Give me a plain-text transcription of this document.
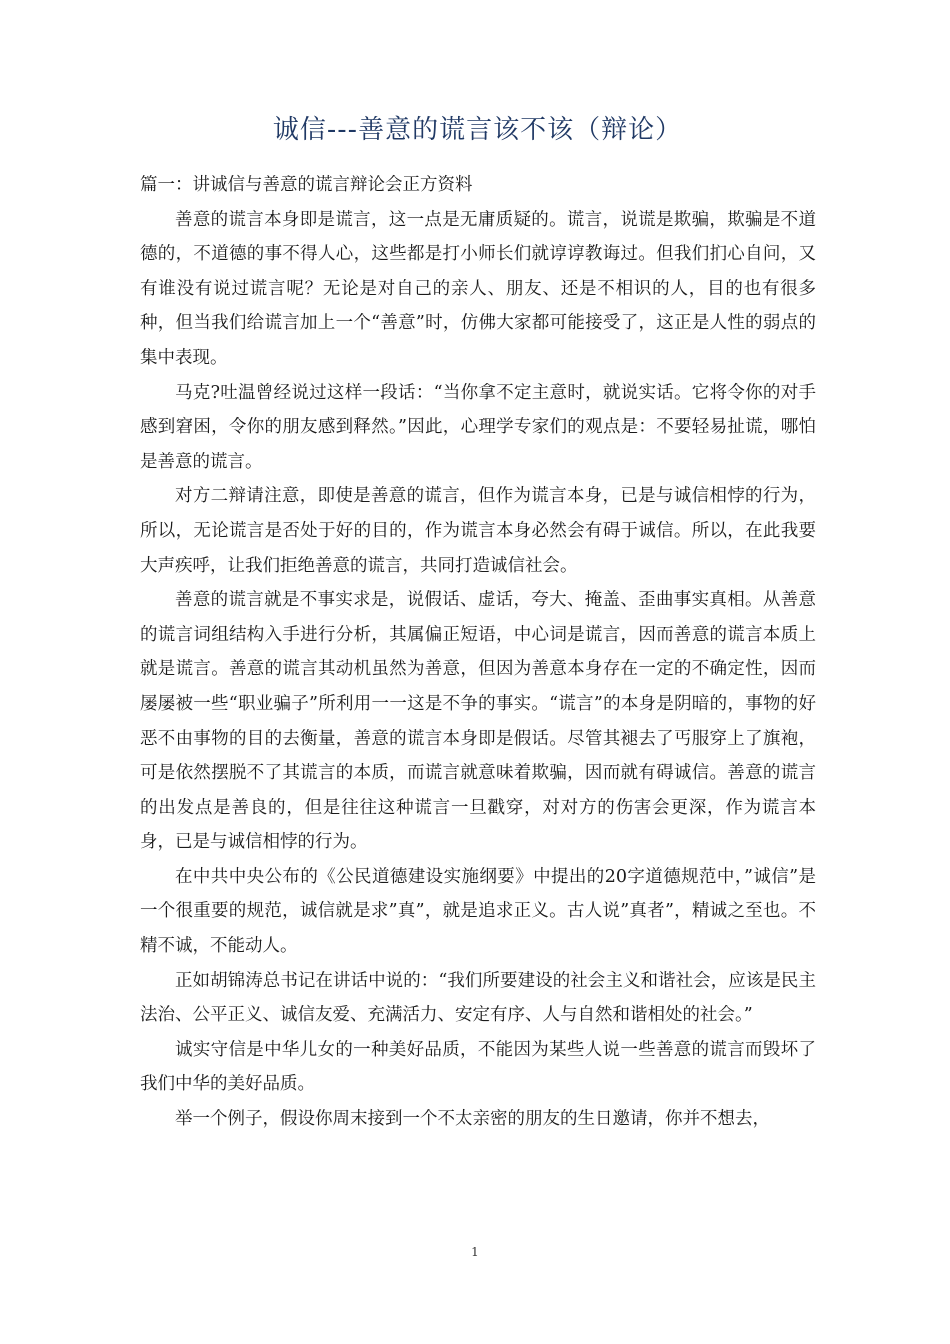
诚信---善意的谎言该不该（辩论）

篇一：讲诚信与善意的谎言辩论会正方资料

善意的谎言本身即是谎言，这一点是无庸质疑的。谎言，说谎是欺骗，欺骗是不道德的，不道德的事不得人心，这些都是打小师长们就谆谆教诲过。但我们扪心自问，又有谁没有说过谎言呢？无论是对自己的亲人、朋友、还是不相识的人，目的也有很多种，但当我们给谎言加上一个“善意”时，仿佛大家都可能接受了，这正是人性的弱点的集中表现。

马克?吐温曾经说过这样一段话：“当你拿不定主意时，就说实话。它将令你的对手感到窘困，令你的朋友感到释然。”因此，心理学专家们的观点是：不要轻易扯谎，哪怕是善意的谎言。

对方二辩请注意，即使是善意的谎言，但作为谎言本身，已是与诚信相悖的行为，所以，无论谎言是否处于好的目的，作为谎言本身必然会有碍于诚信。所以，在此我要大声疾呼，让我们拒绝善意的谎言，共同打造诚信社会。

善意的谎言就是不事实求是，说假话、虚话，夸大、掩盖、歪曲事实真相。从善意的谎言词组结构入手进行分析，其属偏正短语，中心词是谎言，因而善意的谎言本质上就是谎言。善意的谎言其动机虽然为善意，但因为善意本身存在一定的不确定性，因而屡屡被一些“职业骗子”所利用一一这是不争的事实。“谎言”的本身是阴暗的，事物的好恶不由事物的目的去衡量，善意的谎言本身即是假话。尽管其褪去了丐服穿上了旗袍，可是依然摆脱不了其谎言的本质，而谎言就意味着欺骗，因而就有碍诚信。善意的谎言的出发点是善良的，但是往往这种谎言一旦戳穿，对对方的伤害会更深，作为谎言本身，已是与诚信相悖的行为。

在中共中央公布的《公民道德建设实施纲要》中提出的20字道德规范中，”诚信”是一个很重要的规范，诚信就是求”真”，就是追求正义。古人说”真者”，精诚之至也。不精不诚，不能动人。

正如胡锦涛总书记在讲话中说的：“我们所要建设的社会主义和谐社会，应该是民主法治、公平正义、诚信友爱、充满活力、安定有序、人与自然和谐相处的社会。”

诚实守信是中华儿女的一种美好品质，不能因为某些人说一些善意的谎言而毁坏了我们中华的美好品质。

举一个例子，假设你周末接到一个不太亲密的朋友的生日邀请，你并不想去，

1
